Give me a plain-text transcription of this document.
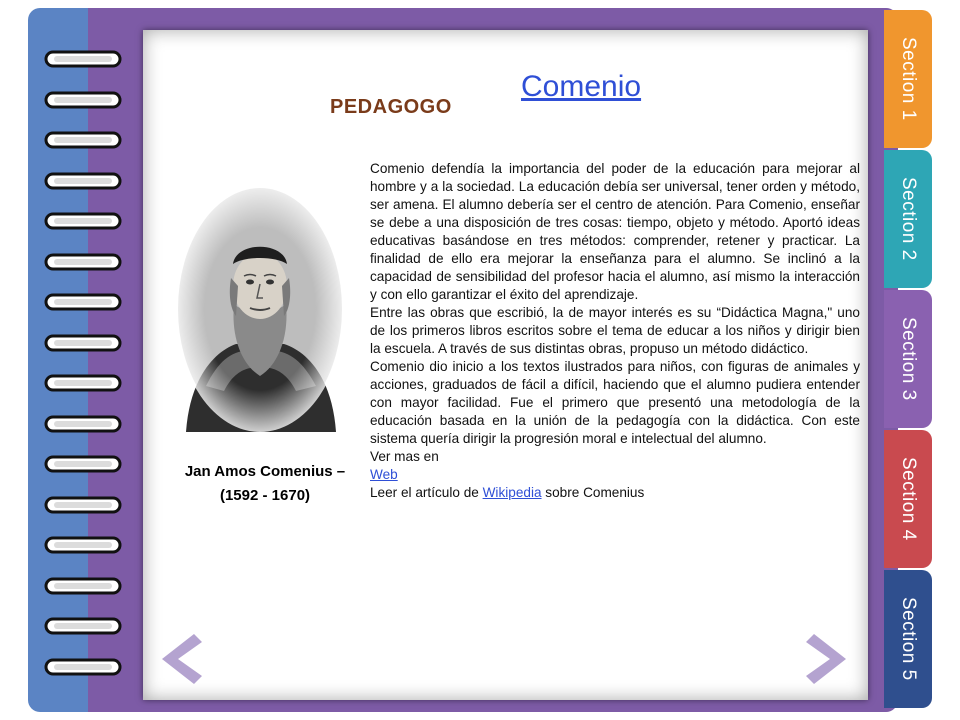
Section 1
Section 2
Section 3
Section 4
Section 5
Comenio
PEDAGOGO
Jan Amos Comenius –
(1592 - 1670)

Comenio defendía la importancia del poder de la educación para mejorar al hombre y a la sociedad. La educación debía ser universal, tener orden y método, ser amena. El alumno debería ser el centro de atención. Para Comenio, enseñar se debe a una disposición de tres cosas: tiempo, objeto y método. Aportó ideas educativas basándose en tres métodos: comprender, retener y practicar. La finalidad de ello era mejorar la enseñanza para el alumno. Se inclinó a la capacidad de sensibilidad del profesor hacia el alumno, así mismo la interacción y con ello garantizar el éxito del aprendizaje.

Entre las obras que escribió, la de mayor interés es su “Didáctica Magna," uno de los primeros libros escritos sobre el tema de educar a los niños y dirigir bien la escuela. A través de sus distintas obras, propuso un método didáctico.

Comenio dio inicio a los textos ilustrados para niños, con figuras de animales y acciones, graduados de fácil a difícil, haciendo que el alumno pudiera entender con mayor facilidad. Fue el primero que presentó una metodología de la educación basada en la unión de la pedagogía con la didáctica. Con este sistema quería dirigir la progresión moral e intelectual del alumno.

Ver mas en

Web

Leer el artículo de Wikipedia sobre Comenius
